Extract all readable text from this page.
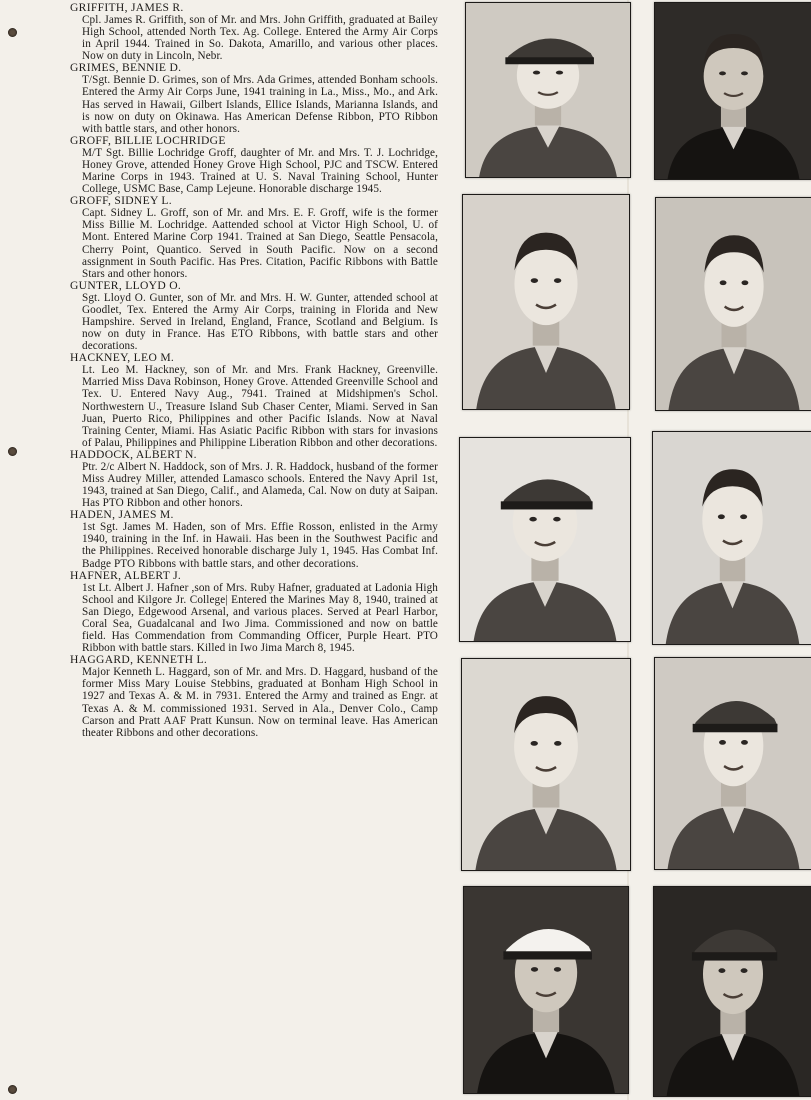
GRIFFITH, JAMES R.

Cpl. James R. Griffith, son of Mr. and Mrs. John Griffith, graduated at Bailey High School, attended North Tex. Ag. College. Entered the Army Air Corps in April 1944. Trained in So. Dakota, Amarillo, and various other places. Now on duty in Lincoln, Nebr.

GRIMES, BENNIE D.

T/Sgt. Bennie D. Grimes, son of Mrs. Ada Grimes, attended Bonham schools. Entered the Army Air Corps June, 1941 training in La., Miss., Mo., and Ark. Has served in Hawaii, Gilbert Islands, Ellice Islands, Marianna Islands, and is now on duty on Okinawa. Has American Defense Ribbon, PTO Ribbon with battle stars, and other honors.

GROFF, BILLIE LOCHRIDGE

M/T Sgt. Billie Lochridge Groff, daughter of Mr. and Mrs. T. J. Lochridge, Honey Grove, attended Honey Grove High School, PJC and TSCW. Entered Marine Corps in 1943. Trained at U. S. Naval Training School, Hunter College, USMC Base, Camp Lejeune. Honorable discharge 1945.

GROFF, SIDNEY L.

Capt. Sidney L. Groff, son of Mr. and Mrs. E. F. Groff, wife is the former Miss Billie M. Lochridge. Aattended school at Victor High School, U. of Mont. Entered Marine Corp 1941. Trained at San Diego, Seattle Pensacola, Cherry Point, Quantico. Served in South Pacific. Now on a second assignment in South Pacific. Has Pres. Citation, Pacific Ribbons with Battle Stars and other honors.

GUNTER, LLOYD O.

Sgt. Lloyd O. Gunter, son of Mr. and Mrs. H. W. Gunter, attended school at Goodlet, Tex. Entered the Army Air Corps, training in Florida and New Hampshire. Served in Ireland, England, France, Scotland and Belgium. Is now on duty in France. Has ETO Ribbons, with battle stars and other decorations.

HACKNEY, LEO M.

Lt. Leo M. Hackney, son of Mr. and Mrs. Frank Hackney, Greenville. Married Miss Dava Robinson, Honey Grove. Attended Greenville School and Tex. U. Entered Navy Aug., 7941. Trained at Midshipmen's Schol. Northwestern U., Treasure Island Sub Chaser Center, Miami. Served in San Juan, Puerto Rico, Philippines and other Pacific Islands. Now at Naval Training Center, Miami. Has Asiatic Pacific Ribbon with stars for invasions of Palau, Philippines and Philippine Liberation Ribbon and other decorations.

HADDOCK, ALBERT N.

Ptr. 2/c Albert N. Haddock, son of Mrs. J. R. Haddock, husband of the former Miss Audrey Miller, attended Lamasco schools. Entered the Navy April 1st, 1943, trained at San Diego, Calif., and Alameda, Cal. Now on duty at Saipan. Has PTO Ribbon and other honors.

HADEN, JAMES M.

1st Sgt. James M. Haden, son of Mrs. Effie Rosson, enlisted in the Army 1940, training in the Inf. in Hawaii. Has been in the Southwest Pacific and the Philippines. Received honorable discharge July 1, 1945. Has Combat Inf. Badge PTO Ribbons with battle stars, and other decorations.

HAFNER, ALBERT J.

1st Lt. Albert J. Hafner ,son of Mrs. Ruby Hafner, graduated at Ladonia High School and Kilgore Jr. College| Entered the Marines May 8, 1940, trained at San Diego, Edgewood Arsenal, and various places. Served at Pearl Harbor, Coral Sea, Guadalcanal and Iwo Jima. Commissioned and now on battle field. Has Commendation from Commanding Officer, Purple Heart. PTO Ribbon with battle stars. Killed in Iwo Jima March 8, 1945.

HAGGARD, KENNETH L.

Major Kenneth L. Haggard, son of Mr. and Mrs. D. Haggard, husband of the former Miss Mary Louise Stebbins, graduated at Bonham High School in 1927 and Texas A. & M. in 7931. Entered the Army and trained as Engr. at Texas A. & M. commissioned 1931. Served in Ala., Denver Colo., Camp Carson and Pratt AAF Pratt Kunsun. Now on terminal leave. Has American theater Ribbons and other decorations.
